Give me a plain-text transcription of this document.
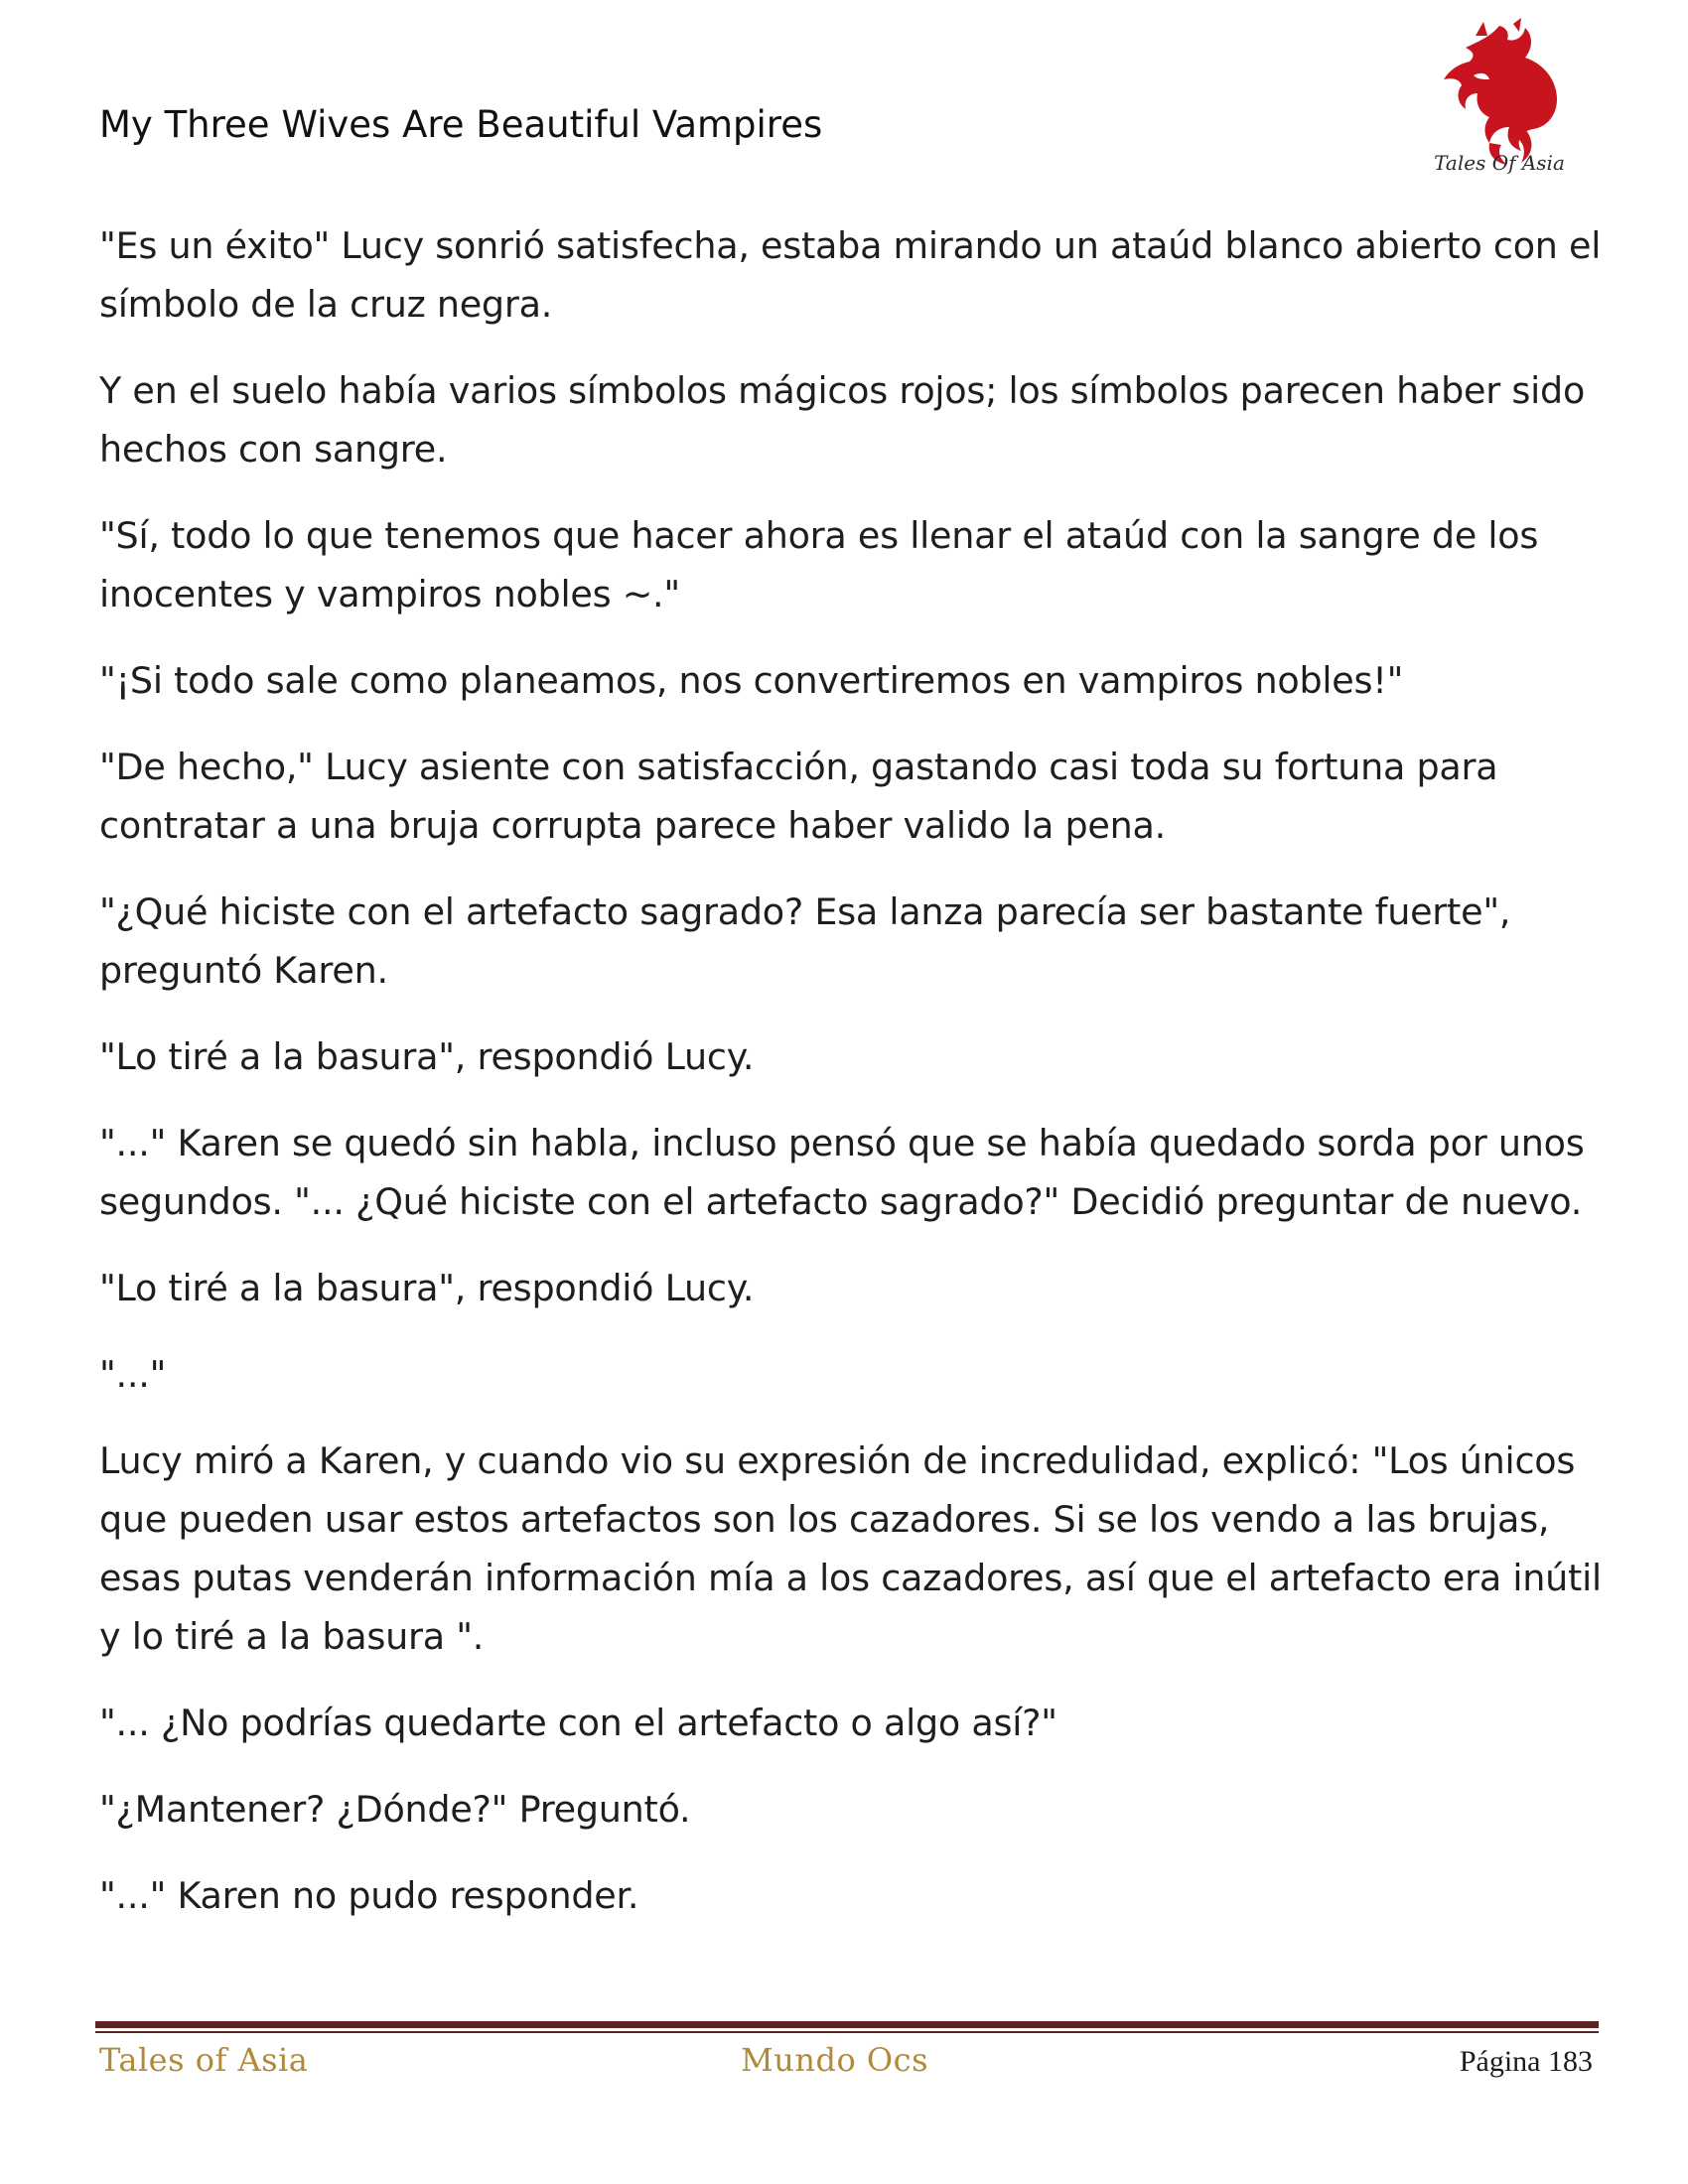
My Three Wives Are Beautiful Vampires
Tales Of Asia

"Es un éxito" Lucy sonrió satisfecha, estaba mirando un ataúd blanco abierto con el símbolo de la cruz negra.

Y en el suelo había varios símbolos mágicos rojos; los símbolos parecen haber sido hechos con sangre.

"Sí, todo lo que tenemos que hacer ahora es llenar el ataúd con la sangre de los inocentes y vampiros nobles ~."

"¡Si todo sale como planeamos, nos convertiremos en vampiros nobles!"

"De hecho," Lucy asiente con satisfacción, gastando casi toda su fortuna para contratar a una bruja corrupta parece haber valido la pena.

"¿Qué hiciste con el artefacto sagrado? Esa lanza parecía ser bastante fuerte", preguntó Karen.

"Lo tiré a la basura", respondió Lucy.

"..." Karen se quedó sin habla, incluso pensó que se había quedado sorda por unos segundos. "... ¿Qué hiciste con el artefacto sagrado?" Decidió preguntar de nuevo.

"Lo tiré a la basura", respondió Lucy.

"..."

Lucy miró a Karen, y cuando vio su expresión de incredulidad, explicó: "Los únicos que pueden usar estos artefactos son los cazadores. Si se los vendo a las brujas, esas putas venderán información mía a los cazadores, así que el artefacto era inútil y lo tiré a la basura ".

"... ¿No podrías quedarte con el artefacto o algo así?"

"¿Mantener? ¿Dónde?" Preguntó.

"..." Karen no pudo responder.

Tales of Asia	Mundo Ocs	Página 183
